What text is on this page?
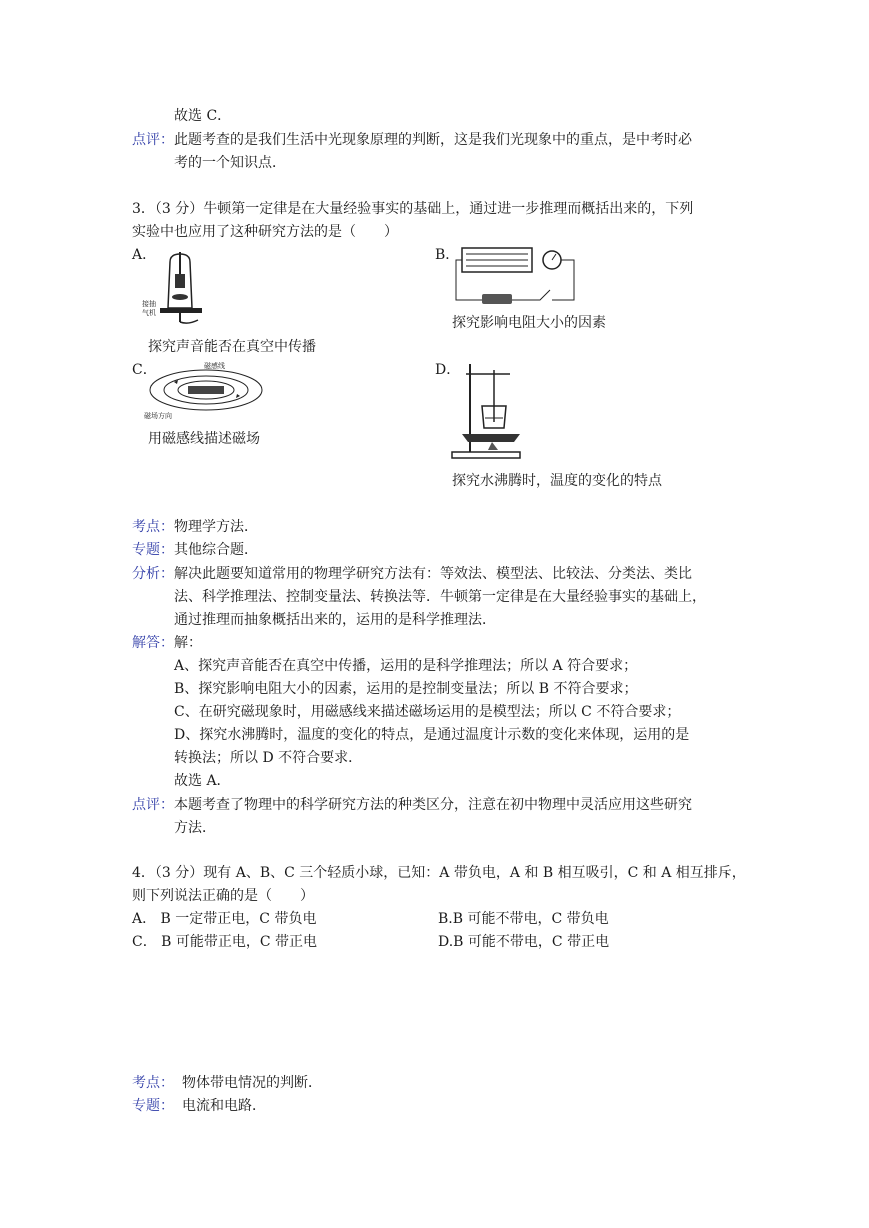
故选 C．
点评： 此题考查的是我们生活中光现象原理的判断，这是我们光现象中的重点，是中考时必
考的一个知识点．
3．（3 分）牛顿第一定律是在大量经验事实的基础上，通过进一步推理而概括出来的，下列
实验中也应用了这种研究方法的是（　　）
A．
接抽
气机
探究声音能否在真空中传播
B．
探究影响电阻大小的因素
C．	磁感线
磁场方向
用磁感线描述磁场
D．
探究水沸腾时，温度的变化的特点
考点： 物理学方法．
专题： 其他综合题．
分析： 解决此题要知道常用的物理学研究方法有：等效法、模型法、比较法、分类法、类比
法、科学推理法、控制变量法、转换法等．牛顿第一定律是在大量经验事实的基础上，
通过推理而抽象概括出来的，运用的是科学推理法．
解答： 解：
A、探究声音能否在真空中传播，运用的是科学推理法；所以 A 符合要求；
B、探究影响电阻大小的因素，运用的是控制变量法；所以 B 不符合要求；
C、在研究磁现象时，用磁感线来描述磁场运用的是模型法；所以 C 不符合要求；
D、探究水沸腾时，温度的变化的特点，是通过温度计示数的变化来体现，运用的是
转换法；所以 D 不符合要求．
故选 A．
点评： 本题考查了物理中的科学研究方法的种类区分，注意在初中物理中灵活应用这些研究
方法．
4．（3 分）现有 A、B、C 三个轻质小球，已知：A 带负电，A 和 B 相互吸引，C 和 A 相互排斥，
则下列说法正确的是（　　）
A． B 一定带正电，C 带负电	B.B 可能不带电，C 带负电
C． B 可能带正电，C 带正电	D.B 可能不带电，C 带正电
考点： 物体带电情况的判断．
专题： 电流和电路．
